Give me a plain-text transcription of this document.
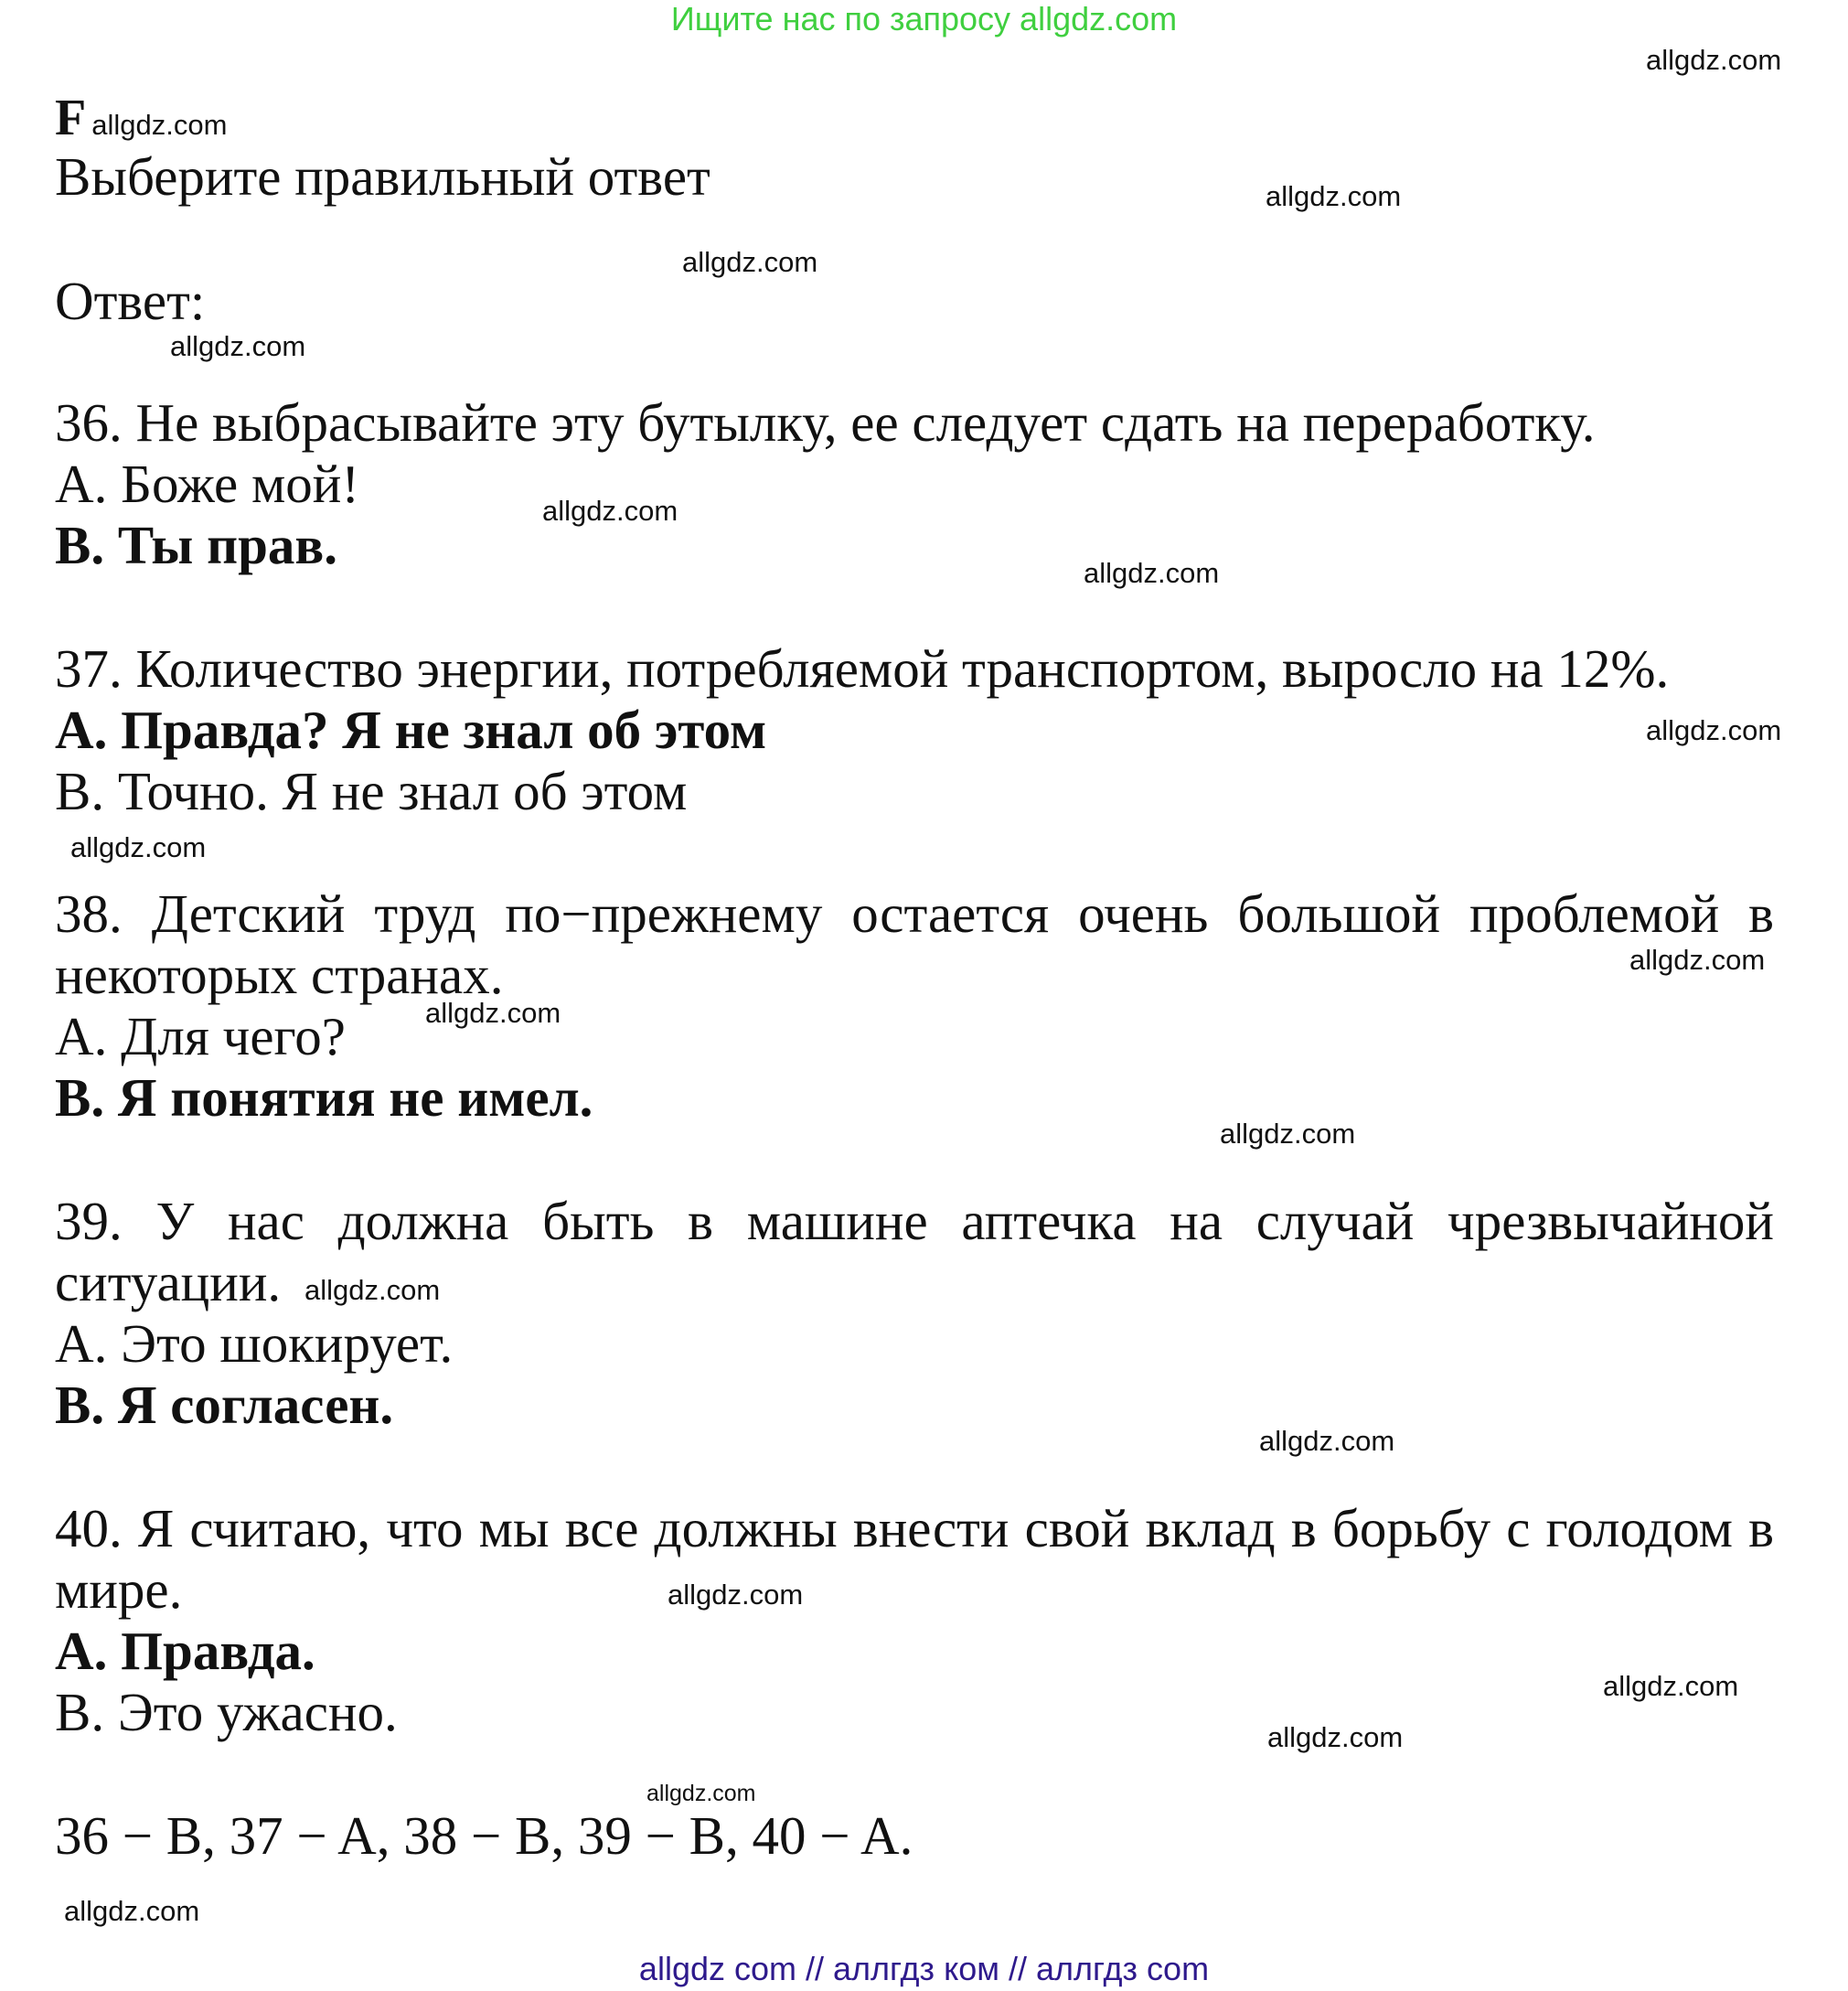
Ищите нас по запросу allgdz.com
Fallgdz.com
Выберите правильный ответ
Ответ:
36. Не выбрасывайте эту бутылку, ее следует сдать на переработку.
A. Боже мой!
B. Ты прав.
37. Количество энергии, потребляемой транспортом, выросло на 12%.
A. Правда? Я не знал об этом
B. Точно. Я не знал об этом
38. Детский труд по−прежнему остается очень большой проблемой в некоторых странах.
A. Для чего?
B. Я понятия не имел.
39. У нас должна быть в машине аптечка на случай чрезвычайной ситуации.
A. Это шокирует.
B. Я согласен.
40. Я считаю, что мы все должны внести свой вклад в борьбу с голодом в мире.
A. Правда.
B. Это ужасно.
36 − B, 37 − A, 38 − B, 39 − B, 40 − A.
allgdz.com
allgdz.com
allgdz.com
allgdz.com
allgdz.com
allgdz.com
allgdz.com
allgdz.com
allgdz.com
allgdz.com
allgdz.com
allgdz.com
allgdz.com
allgdz.com
allgdz.com
allgdz.com
allgdz.com
allgdz.com
allgdz com // аллгдз ком // аллгдз com
